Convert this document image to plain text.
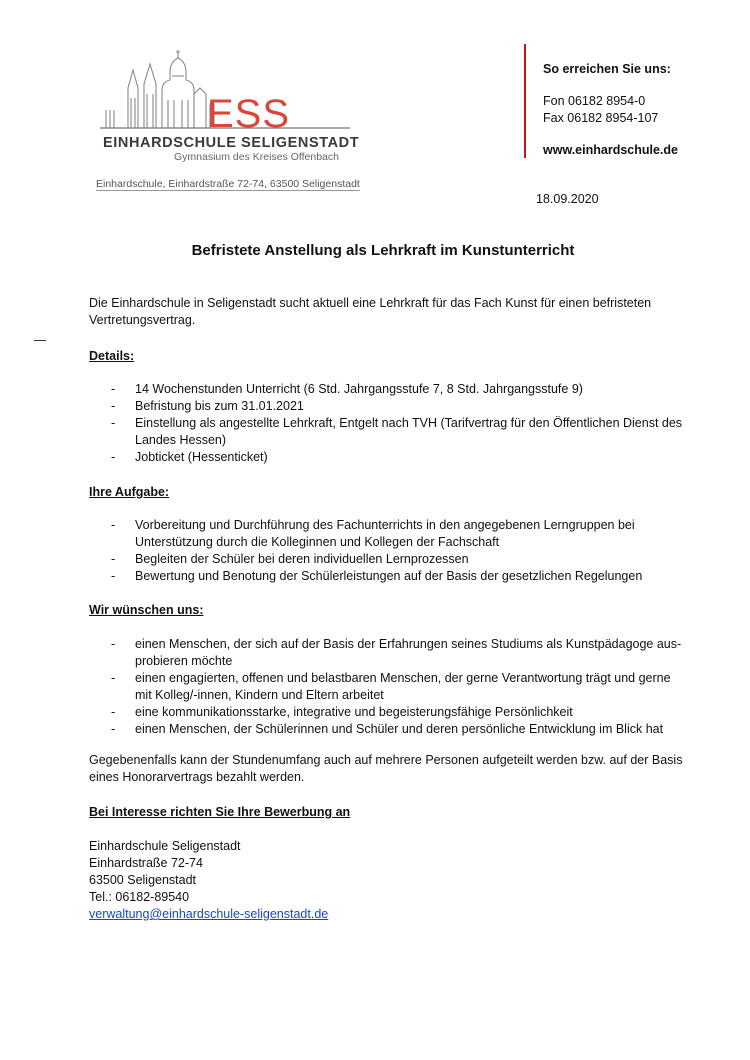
ESS
EINHARDSCHULE SELIGENSTADT
Gymnasium des Kreises Offenbach
Einhardschule, Einhardstraße 72-74, 63500 Seligenstadt
So erreichen Sie uns:
Fon 06182 8954-0
Fax 06182 8954-107
www.einhardschule.de
18.09.2020
Befristete Anstellung als Lehrkraft im Kunstunterricht
Die Einhardschule in Seligenstadt sucht aktuell eine Lehrkraft für das Fach Kunst für einen befristeten Vertretungsvertrag.
Details:
- 14 Wochenstunden Unterricht (6 Std. Jahrgangsstufe 7, 8 Std. Jahrgangsstufe 9)
- Befristung bis zum 31.01.2021
- Einstellung als angestellte Lehrkraft, Entgelt nach TVH (Tarifvertrag für den Öffentlichen Dienst des Landes Hessen)
- Jobticket (Hessenticket)
Ihre Aufgabe:
- Vorbereitung und Durchführung des Fachunterrichts in den angegebenen Lerngruppen bei Unterstützung durch die Kolleginnen und Kollegen der Fachschaft
- Begleiten der Schüler bei deren individuellen Lernprozessen
- Bewertung und Benotung der Schülerleistungen auf der Basis der gesetzlichen Regelungen
Wir wünschen uns:
- einen Menschen, der sich auf der Basis der Erfahrungen seines Studiums als Kunstpädagoge aus-probieren möchte
- einen engagierten, offenen und belastbaren Menschen, der gerne Verantwortung trägt und gerne mit Kolleg/-innen, Kindern und Eltern arbeitet
- eine kommunikationsstarke, integrative und begeisterungsfähige Persönlichkeit
- einen Menschen, der Schülerinnen und Schüler und deren persönliche Entwicklung im Blick hat
Gegebenenfalls kann der Stundenumfang auch auf mehrere Personen aufgeteilt werden bzw. auf der Basis eines Honorarvertrags bezahlt werden.
Bei Interesse richten Sie Ihre Bewerbung an
Einhardschule Seligenstadt
Einhardstraße 72-74
63500 Seligenstadt
Tel.: 06182-89540
verwaltung@einhardschule-seligenstadt.de
